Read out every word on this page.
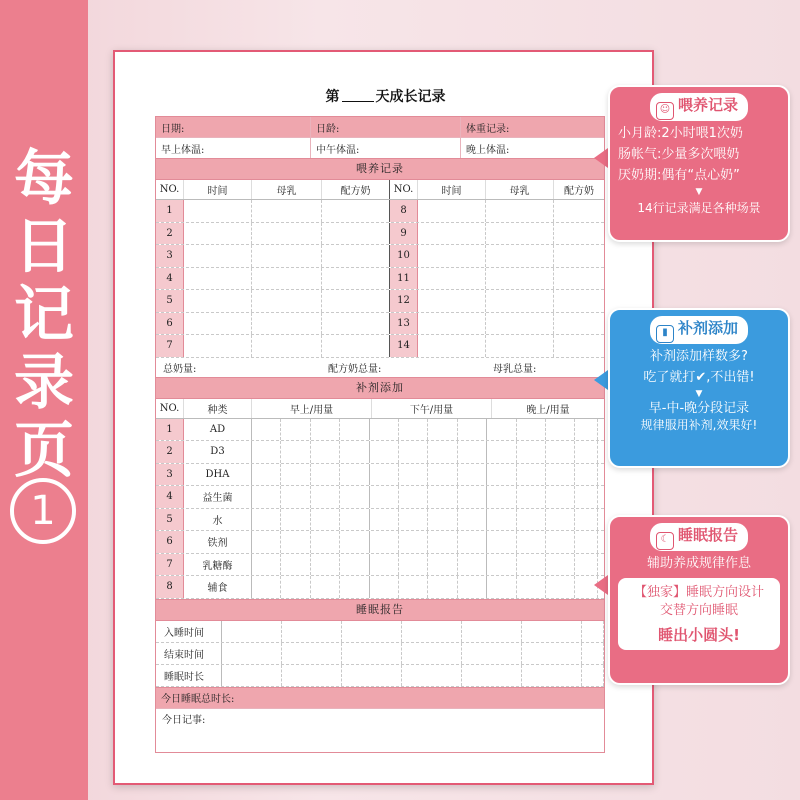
每
日
记
录
页
1
第	天成长记录
日期:	日龄:	体重记录:
早上体温:	中午体温:	晚上体温:
喂养记录
NO.	时间	母乳	配方奶	NO.	时间	母乳	配方奶
1	8
2	9
3	10
4	11
5	12
6	13
7	14
总奶量:	配方奶总量:	母乳总量:
补剂添加
NO.	种类	早上/用量	下午/用量	晚上/用量
1	AD
2	D3
3	DHA
4	益生菌
5	水
6	铁剂
7	乳糖酶
8	辅食
睡眠报告
入睡时间
结束时间
睡眠时长
今日睡眠总时长:
今日记事:
☺ 喂养记录
小月龄:2小时喂1次奶
肠帐气:少量多次喂奶
厌奶期:偶有“点心奶”
▼
14行记录满足各种场景
▮ 补剂添加
补剂添加样数多?
吃了就打✔,不出错!
▼
早-中-晚分段记录
规律服用补剂,效果好!
☾ 睡眠报告
辅助养成规律作息
【独家】睡眠方向设计
交替方向睡眠
睡出小圆头!
